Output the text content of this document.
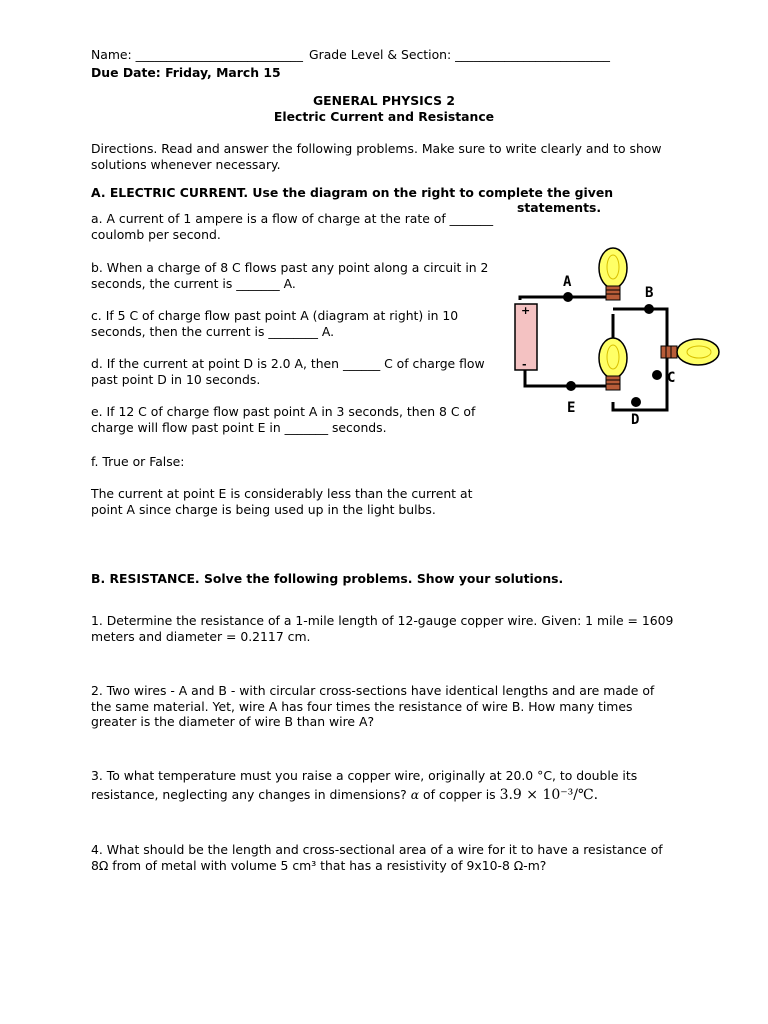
Name: ___________________________ Grade Level & Section: _________________________
Due Date: Friday, March 15
GENERAL PHYSICS 2
Electric Current and Resistance
Directions. Read and answer the following problems. Make sure to write clearly and to show solutions whenever necessary.
A. ELECTRIC CURRENT. Use the diagram on the right to complete the given
statements.
a. A current of 1 ampere is a flow of charge at the rate of _______ coulomb per second.
b. When a charge of 8 C flows past any point along a circuit in 2 seconds, the current is _______ A.
c. If 5 C of charge flow past point A (diagram at right) in 10 seconds, then the current is ________ A.
d. If the current at point D is 2.0 A, then ______ C of charge flow past point D in 10 seconds.
e. If 12 C of charge flow past point A in 3 seconds, then 8 C of charge will flow past point E in _______ seconds.
f. True or False:
The current at point E is considerably less than the current at point A since charge is being used up in the light bulbs.
+
-
A
B
C
D
E
B. RESISTANCE. Solve the following problems. Show your solutions.
1. Determine the resistance of a 1-mile length of 12-gauge copper wire. Given: 1 mile = 1609 meters and diameter = 0.2117 cm.
2. Two wires - A and B - with circular cross-sections have identical lengths and are made of the same material. Yet, wire A has four times the resistance of wire B. How many times greater is the diameter of wire B than wire A?
3. To what temperature must you raise a copper wire, originally at 20.0 °C, to double its
resistance, neglecting any changes in dimensions? α of copper is 3.9 × 10⁻³/℃.
4. What should be the length and cross-sectional area of a wire for it to have a resistance of 8Ω from of metal with volume 5 cm³ that has a resistivity of 9x10-8 Ω-m?
